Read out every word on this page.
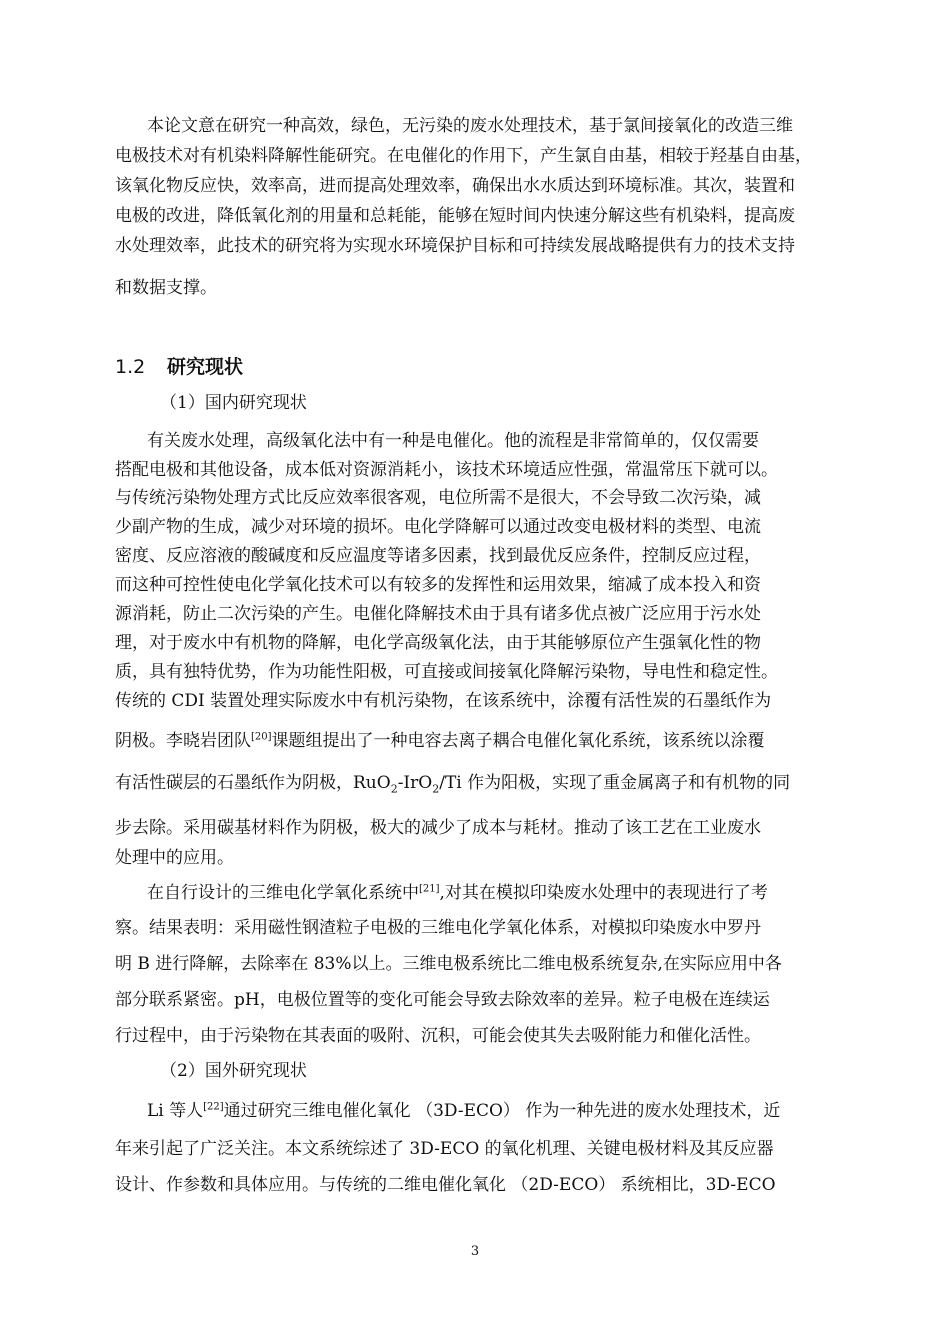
本论文意在研究一种高效，绿色，无污染的废水处理技术，基于氯间接氧化的改造三维

电极技术对有机染料降解性能研究。在电催化的作用下，产生氯自由基，相较于羟基自由基，

该氧化物反应快，效率高，进而提高处理效率，确保出水水质达到环境标准。其次，装置和

电极的改进，降低氧化剂的用量和总耗能，能够在短时间内快速分解这些有机染料，提高废

水处理效率，此技术的研究将为实现水环境保护目标和可持续发展战略提供有力的技术支持

和数据支撑。

1.2 研究现状

（1）国内研究现状

有关废水处理，高级氧化法中有一种是电催化。他的流程是非常简单的，仅仅需要

搭配电极和其他设备，成本低对资源消耗小，该技术环境适应性强，常温常压下就可以。

与传统污染物处理方式比反应效率很客观，电位所需不是很大，不会导致二次污染，减

少副产物的生成，减少对环境的损坏。电化学降解可以通过改变电极材料的类型、电流

密度、反应溶液的酸碱度和反应温度等诸多因素，找到最优反应条件，控制反应过程，

而这种可控性使电化学氧化技术可以有较多的发挥性和运用效果，缩减了成本投入和资

源消耗，防止二次污染的产生。电催化降解技术由于具有诸多优点被广泛应用于污水处

理，对于废水中有机物的降解，电化学高级氧化法，由于其能够原位产生强氧化性的物

质，具有独特优势，作为功能性阳极，可直接或间接氧化降解污染物，导电性和稳定性。

传统的 CDI 装置处理实际废水中有机污染物，在该系统中，涂覆有活性炭的石墨纸作为

阴极。李晓岩团队[20]课题组提出了一种电容去离子耦合电催化氧化系统，该系统以涂覆

有活性碳层的石墨纸作为阴极，RuO$_2$-IrO$_2$/Ti 作为阳极，实现了重金属离子和有机物的同

步去除。采用碳基材料作为阴极，极大的减少了成本与耗材。推动了该工艺在工业废水

处理中的应用。

在自行设计的三维电化学氧化系统中[21],对其在模拟印染废水处理中的表现进行了考

察。结果表明：采用磁性钢渣粒子电极的三维电化学氧化体系，对模拟印染废水中罗丹

明 B 进行降解，去除率在 83%以上。三维电极系统比二维电极系统复杂,在实际应用中各

部分联系紧密。pH，电极位置等的变化可能会导致去除效率的差异。粒子电极在连续运

行过程中，由于污染物在其表面的吸附、沉积，可能会使其失去吸附能力和催化活性。

（2）国外研究现状

Li 等人[22]通过研究三维电催化氧化 （3D-ECO） 作为一种先进的废水处理技术，近

年来引起了广泛关注。本文系统综述了 3D-ECO 的氧化机理、关键电极材料及其反应器

设计、作参数和具体应用。与传统的二维电催化氧化 （2D-ECO） 系统相比，3D-ECO

3
